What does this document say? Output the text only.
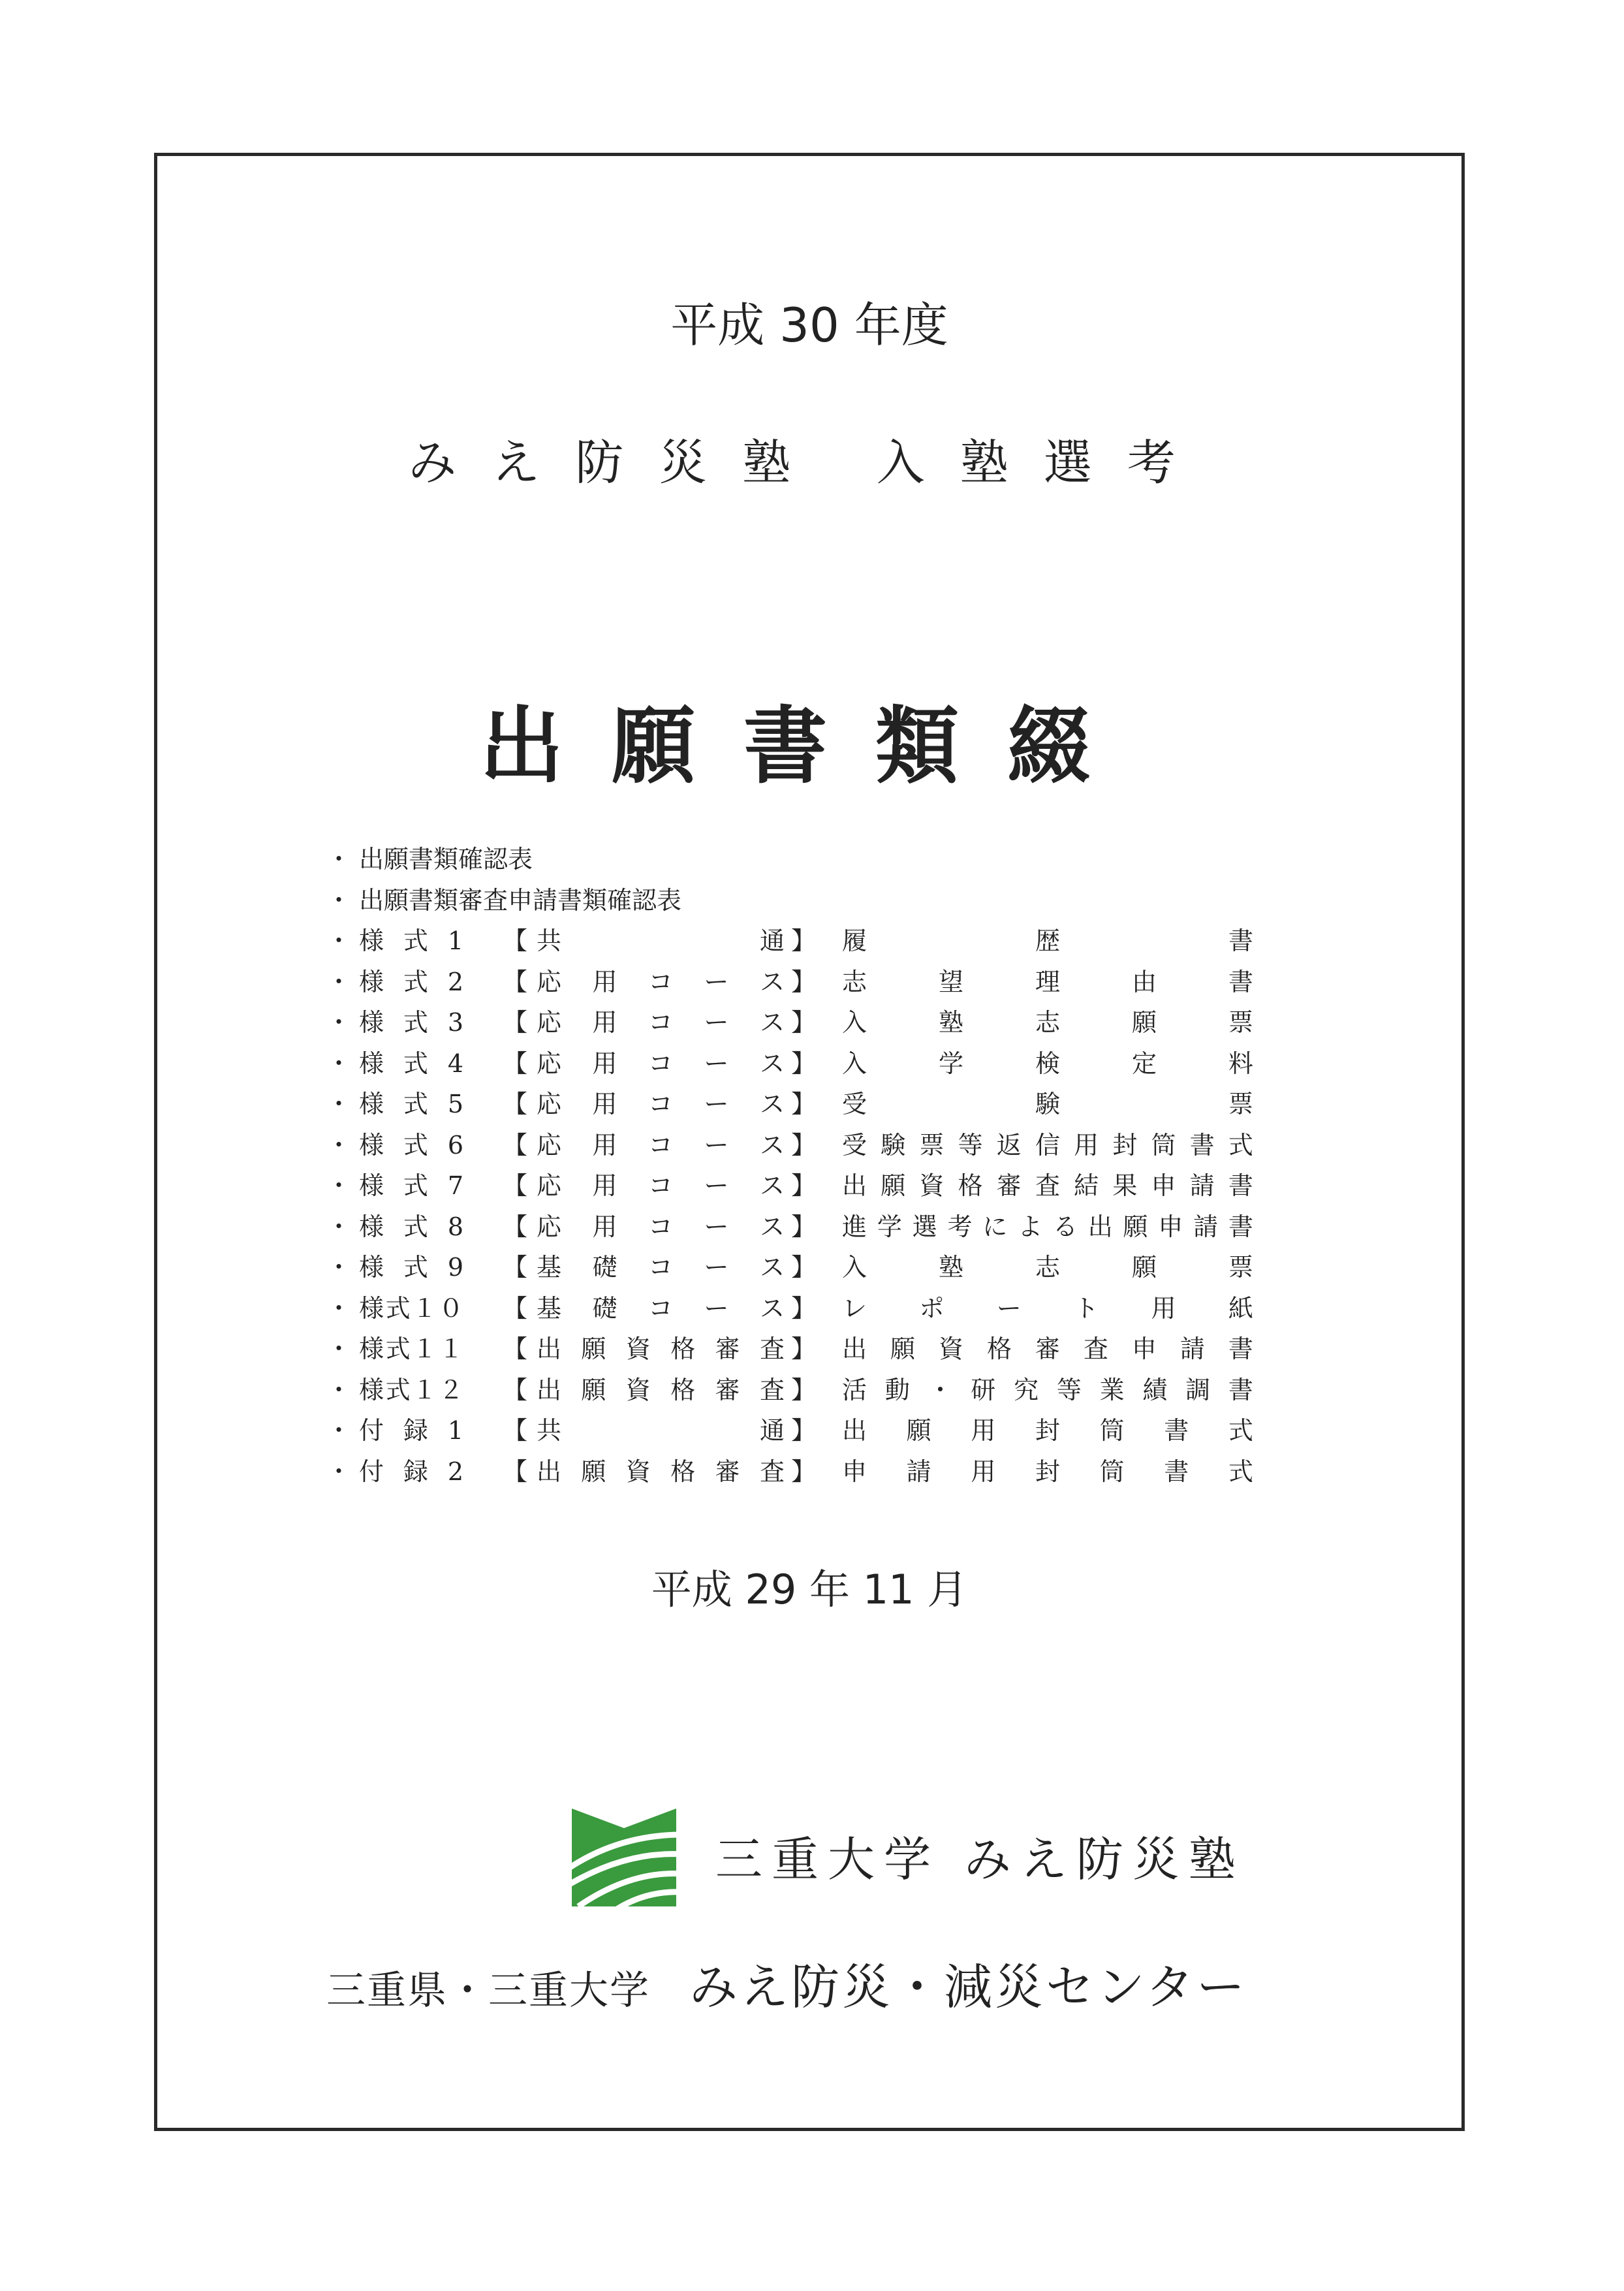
平成 30 年度
みえ防災塾 入塾選考
出願書類綴
・ 出願書類確認表
・ 出願書類審査申請書類確認表
・ 様 式 1 【 共	通 】 履	歴	書
・ 様 式 2 【 応 用 コ ー ス 】 志	望	理	由	書
・ 様 式 3 【 応 用 コ ー ス 】 入	塾	志	願	票
・ 様 式 4 【 応 用 コ ー ス 】 入	学	検	定	料
・ 様 式 5 【 応 用 コ ー ス 】 受	験	票
・ 様 式 6 【 応 用 コ ー ス 】 受 験 票 等 返 信 用 封 筒 書 式
・ 様 式 7 【 応 用 コ ー ス 】 出 願 資 格 審 査 結 果 申 請 書
・ 様 式 8 【 応 用 コ ー ス 】 進 学 選 考 に よ る 出 願 申 請 書
・ 様 式 9 【 基 礎 コ ー ス 】 入	塾	志	願	票
・ 様 式 １ ０ 【 基 礎 コ ー ス 】 レ ポ ー ト 用 紙
・ 様 式 １ １ 【 出 願 資 格 審 査 】 出 願 資 格 審 査 申 請 書
・ 様 式 １ ２ 【 出 願 資 格 審 査 】 活 動 ・ 研 究 等 業 績 調 書
・ 付 録 1 【 共	通 】 出 願 用 封 筒 書 式
・ 付 録 2 【 出 願 資 格 審 査 】 申 請 用 封 筒 書 式
平成 29 年 11 月
三重大学 みえ防災塾
三重県・三重大学 みえ防災・減災センター
